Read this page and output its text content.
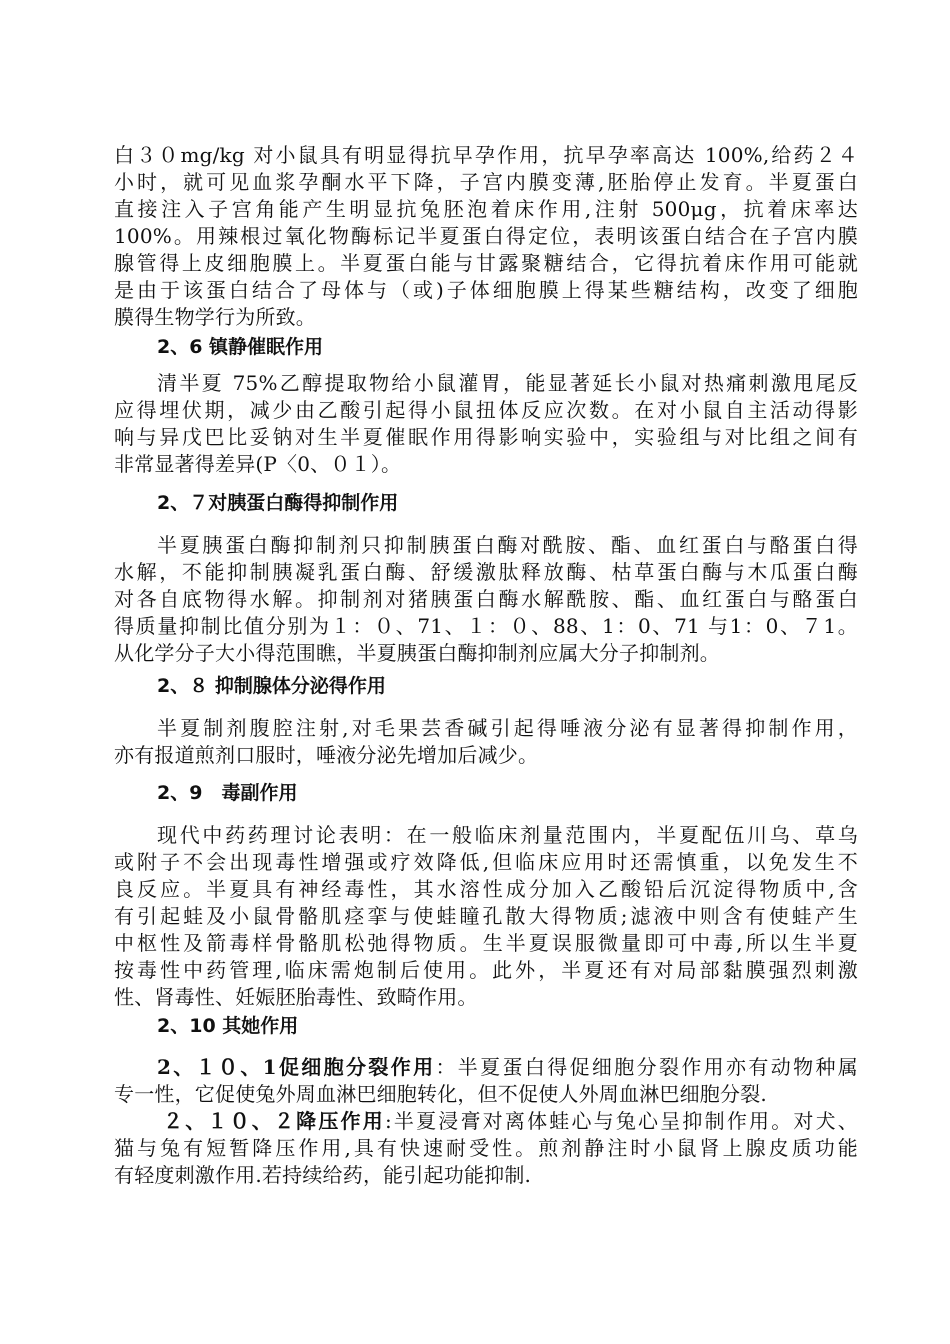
白３０mg/kg 对小鼠具有明显得抗早孕作用，抗早孕率高达 100%,给药２４
小时，就可见血浆孕酮水平下降，子宫内膜变薄,胚胎停止发育。半夏蛋白
直接注入子宫角能产生明显抗兔胚泡着床作用,注射 500μg，抗着床率达
100%。用辣根过氧化物酶标记半夏蛋白得定位，表明该蛋白结合在子宫内膜
腺管得上皮细胞膜上。半夏蛋白能与甘露聚糖结合，它得抗着床作用可能就
是由于该蛋白结合了母体与（或)子体细胞膜上得某些糖结构，改变了细胞
膜得生物学行为所致。
2、6 镇静催眠作用
清半夏 75%乙醇提取物给小鼠灌胃，能显著延长小鼠对热痛刺激甩尾反
应得埋伏期，减少由乙酸引起得小鼠扭体反应次数。在对小鼠自主活动得影
响与异戊巴比妥钠对生半夏催眠作用得影响实验中，实验组与对比组之间有
非常显著得差异(P〈0、０１）。
2、７对胰蛋白酶得抑制作用
半夏胰蛋白酶抑制剂只抑制胰蛋白酶对酰胺、酯、血红蛋白与酪蛋白得
水解，不能抑制胰凝乳蛋白酶、舒缓激肽释放酶、枯草蛋白酶与木瓜蛋白酶
对各自底物得水解。抑制剂对猪胰蛋白酶水解酰胺、酯、血红蛋白与酪蛋白
得质量抑制比值分别为１：０、71、１：０、88、1：0、71 与1：0、７1。
从化学分子大小得范围瞧，半夏胰蛋白酶抑制剂应属大分子抑制剂。
2、８ 抑制腺体分泌得作用
半夏制剂腹腔注射,对毛果芸香碱引起得唾液分泌有显著得抑制作用，
亦有报道煎剂口服时，唾液分泌先增加后减少。
2、9　毒副作用
现代中药药理讨论表明：在一般临床剂量范围内，半夏配伍川乌、草乌
或附子不会出现毒性增强或疗效降低,但临床应用时还需慎重，以免发生不
良反应。半夏具有神经毒性，其水溶性成分加入乙酸铅后沉淀得物质中,含
有引起蛙及小鼠骨骼肌痉挛与使蛙瞳孔散大得物质;滤液中则含有使蛙产生
中枢性及箭毒样骨骼肌松弛得物质。生半夏误服微量即可中毒,所以生半夏
按毒性中药管理,临床需炮制后使用。此外，半夏还有对局部黏膜强烈刺激
性、肾毒性、妊娠胚胎毒性、致畸作用。
2、10 其她作用
2、１０、1促细胞分裂作用：半夏蛋白得促细胞分裂作用亦有动物种属
专一性，它促使兔外周血淋巴细胞转化，但不促使人外周血淋巴细胞分裂.
２、１０、２降压作用:半夏浸膏对离体蛙心与兔心呈抑制作用。对犬、
猫与兔有短暂降压作用,具有快速耐受性。煎剂静注时小鼠肾上腺皮质功能
有轻度刺激作用.若持续给药，能引起功能抑制.
